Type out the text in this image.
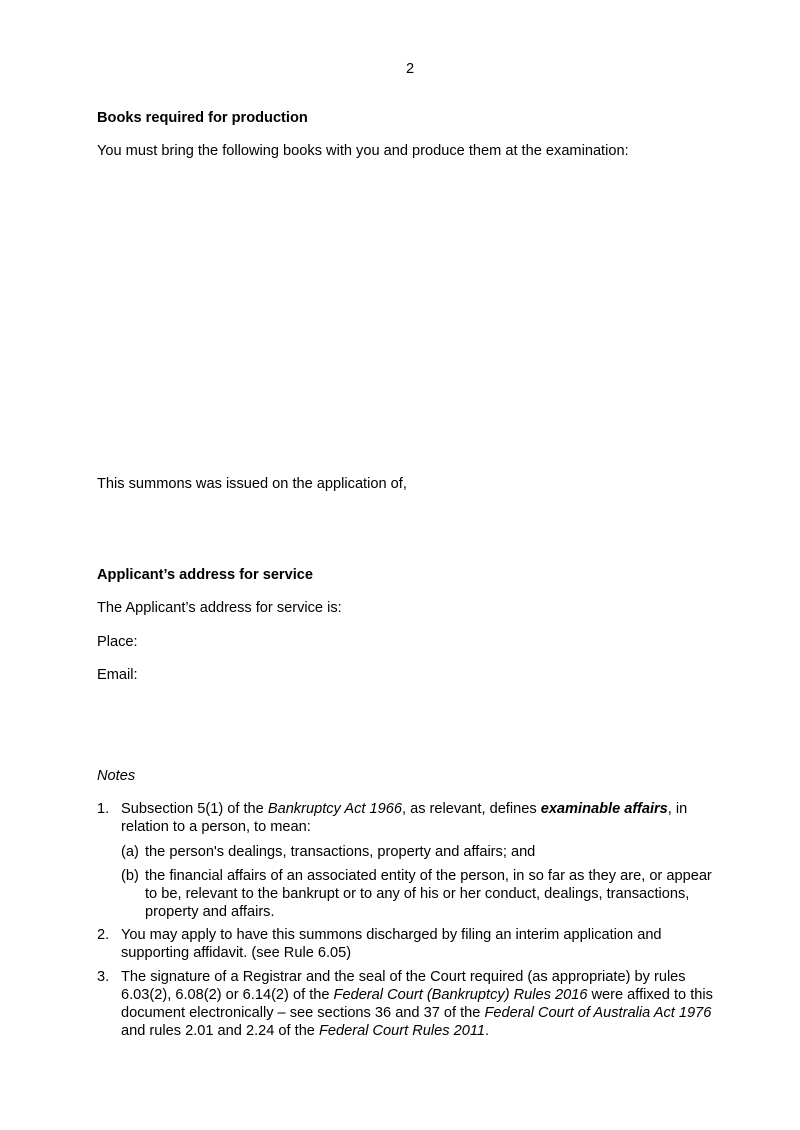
2
Books required for production
You must bring the following books with you and produce them at the examination:
This summons was issued on the application of,
Applicant’s address for service
The Applicant’s address for service is:
Place:
Email:
Notes
1. Subsection 5(1) of the Bankruptcy Act 1966, as relevant, defines examinable affairs, in relation to a person, to mean:
(a) the person's dealings, transactions, property and affairs; and
(b) the financial affairs of an associated entity of the person, in so far as they are, or appear to be, relevant to the bankrupt or to any of his or her conduct, dealings, transactions, property and affairs.
2. You may apply to have this summons discharged by filing an interim application and supporting affidavit. (see Rule 6.05)
3. The signature of a Registrar and the seal of the Court required (as appropriate) by rules 6.03(2), 6.08(2) or 6.14(2) of the Federal Court (Bankruptcy) Rules 2016 were affixed to this document electronically – see sections 36 and 37 of the Federal Court of Australia Act 1976 and rules 2.01 and 2.24 of the Federal Court Rules 2011.
